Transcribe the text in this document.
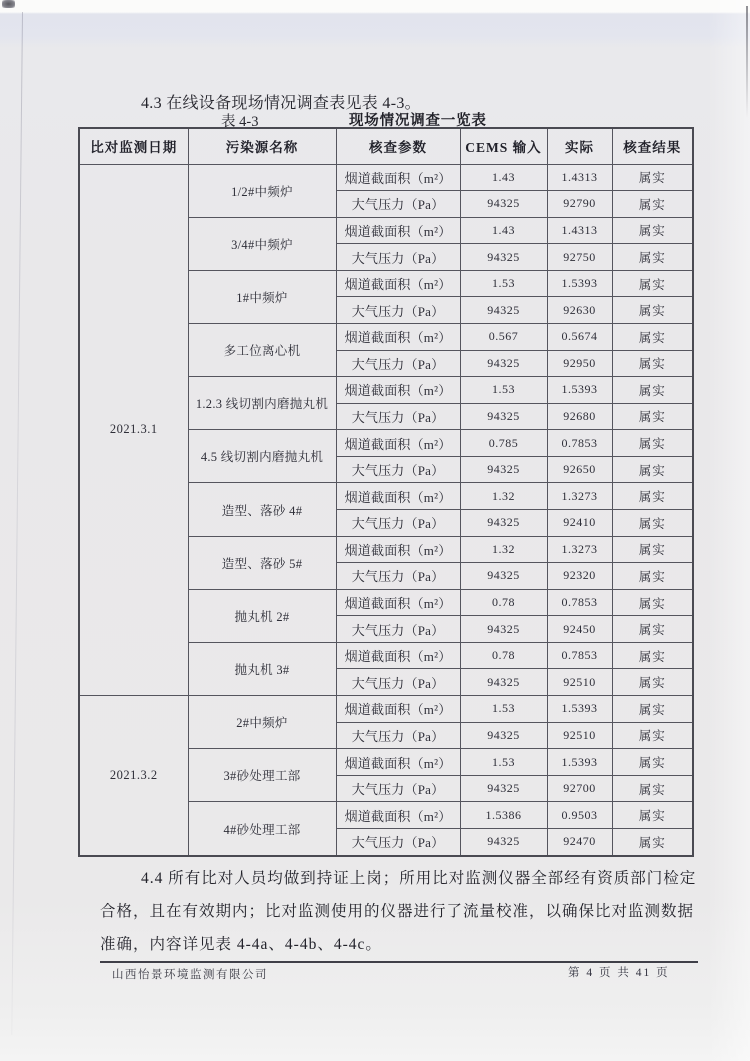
4.3 在线设备现场情况调查表见表 4-3。
表 4-3	现场情况调查一览表
比对监测日期	污染源名称	核查参数	CEMS 输入	实际	核查结果
2021.3.1	1/2#中频炉	烟道截面积（m²）	1.43	1.4313	属实
		大气压力（Pa）	94325	92790	属实
	3/4#中频炉	烟道截面积（m²）	1.43	1.4313	属实
		大气压力（Pa）	94325	92750	属实
	1#中频炉	烟道截面积（m²）	1.53	1.5393	属实
		大气压力（Pa）	94325	92630	属实
	多工位离心机	烟道截面积（m²）	0.567	0.5674	属实
		大气压力（Pa）	94325	92950	属实
	1.2.3 线切割内磨抛丸机	烟道截面积（m²）	1.53	1.5393	属实
		大气压力（Pa）	94325	92680	属实
	4.5 线切割内磨抛丸机	烟道截面积（m²）	0.785	0.7853	属实
		大气压力（Pa）	94325	92650	属实
	造型、落砂 4#	烟道截面积（m²）	1.32	1.3273	属实
		大气压力（Pa）	94325	92410	属实
	造型、落砂 5#	烟道截面积（m²）	1.32	1.3273	属实
		大气压力（Pa）	94325	92320	属实
	抛丸机 2#	烟道截面积（m²）	0.78	0.7853	属实
		大气压力（Pa）	94325	92450	属实
	抛丸机 3#	烟道截面积（m²）	0.78	0.7853	属实
		大气压力（Pa）	94325	92510	属实
2021.3.2	2#中频炉	烟道截面积（m²）	1.53	1.5393	属实
		大气压力（Pa）	94325	92510	属实
	3#砂处理工部	烟道截面积（m²）	1.53	1.5393	属实
		大气压力（Pa）	94325	92700	属实
	4#砂处理工部	烟道截面积（m²）	1.5386	0.9503	属实
		大气压力（Pa）	94325	92470	属实
4.4 所有比对人员均做到持证上岗；所用比对监测仪器全部经有资质部门检定
合格，且在有效期内；比对监测使用的仪器进行了流量校准，以确保比对监测数据
准确，内容详见表 4-4a、4-4b、4-4c。
山西怡景环境监测有限公司	第 4 页 共 41 页
